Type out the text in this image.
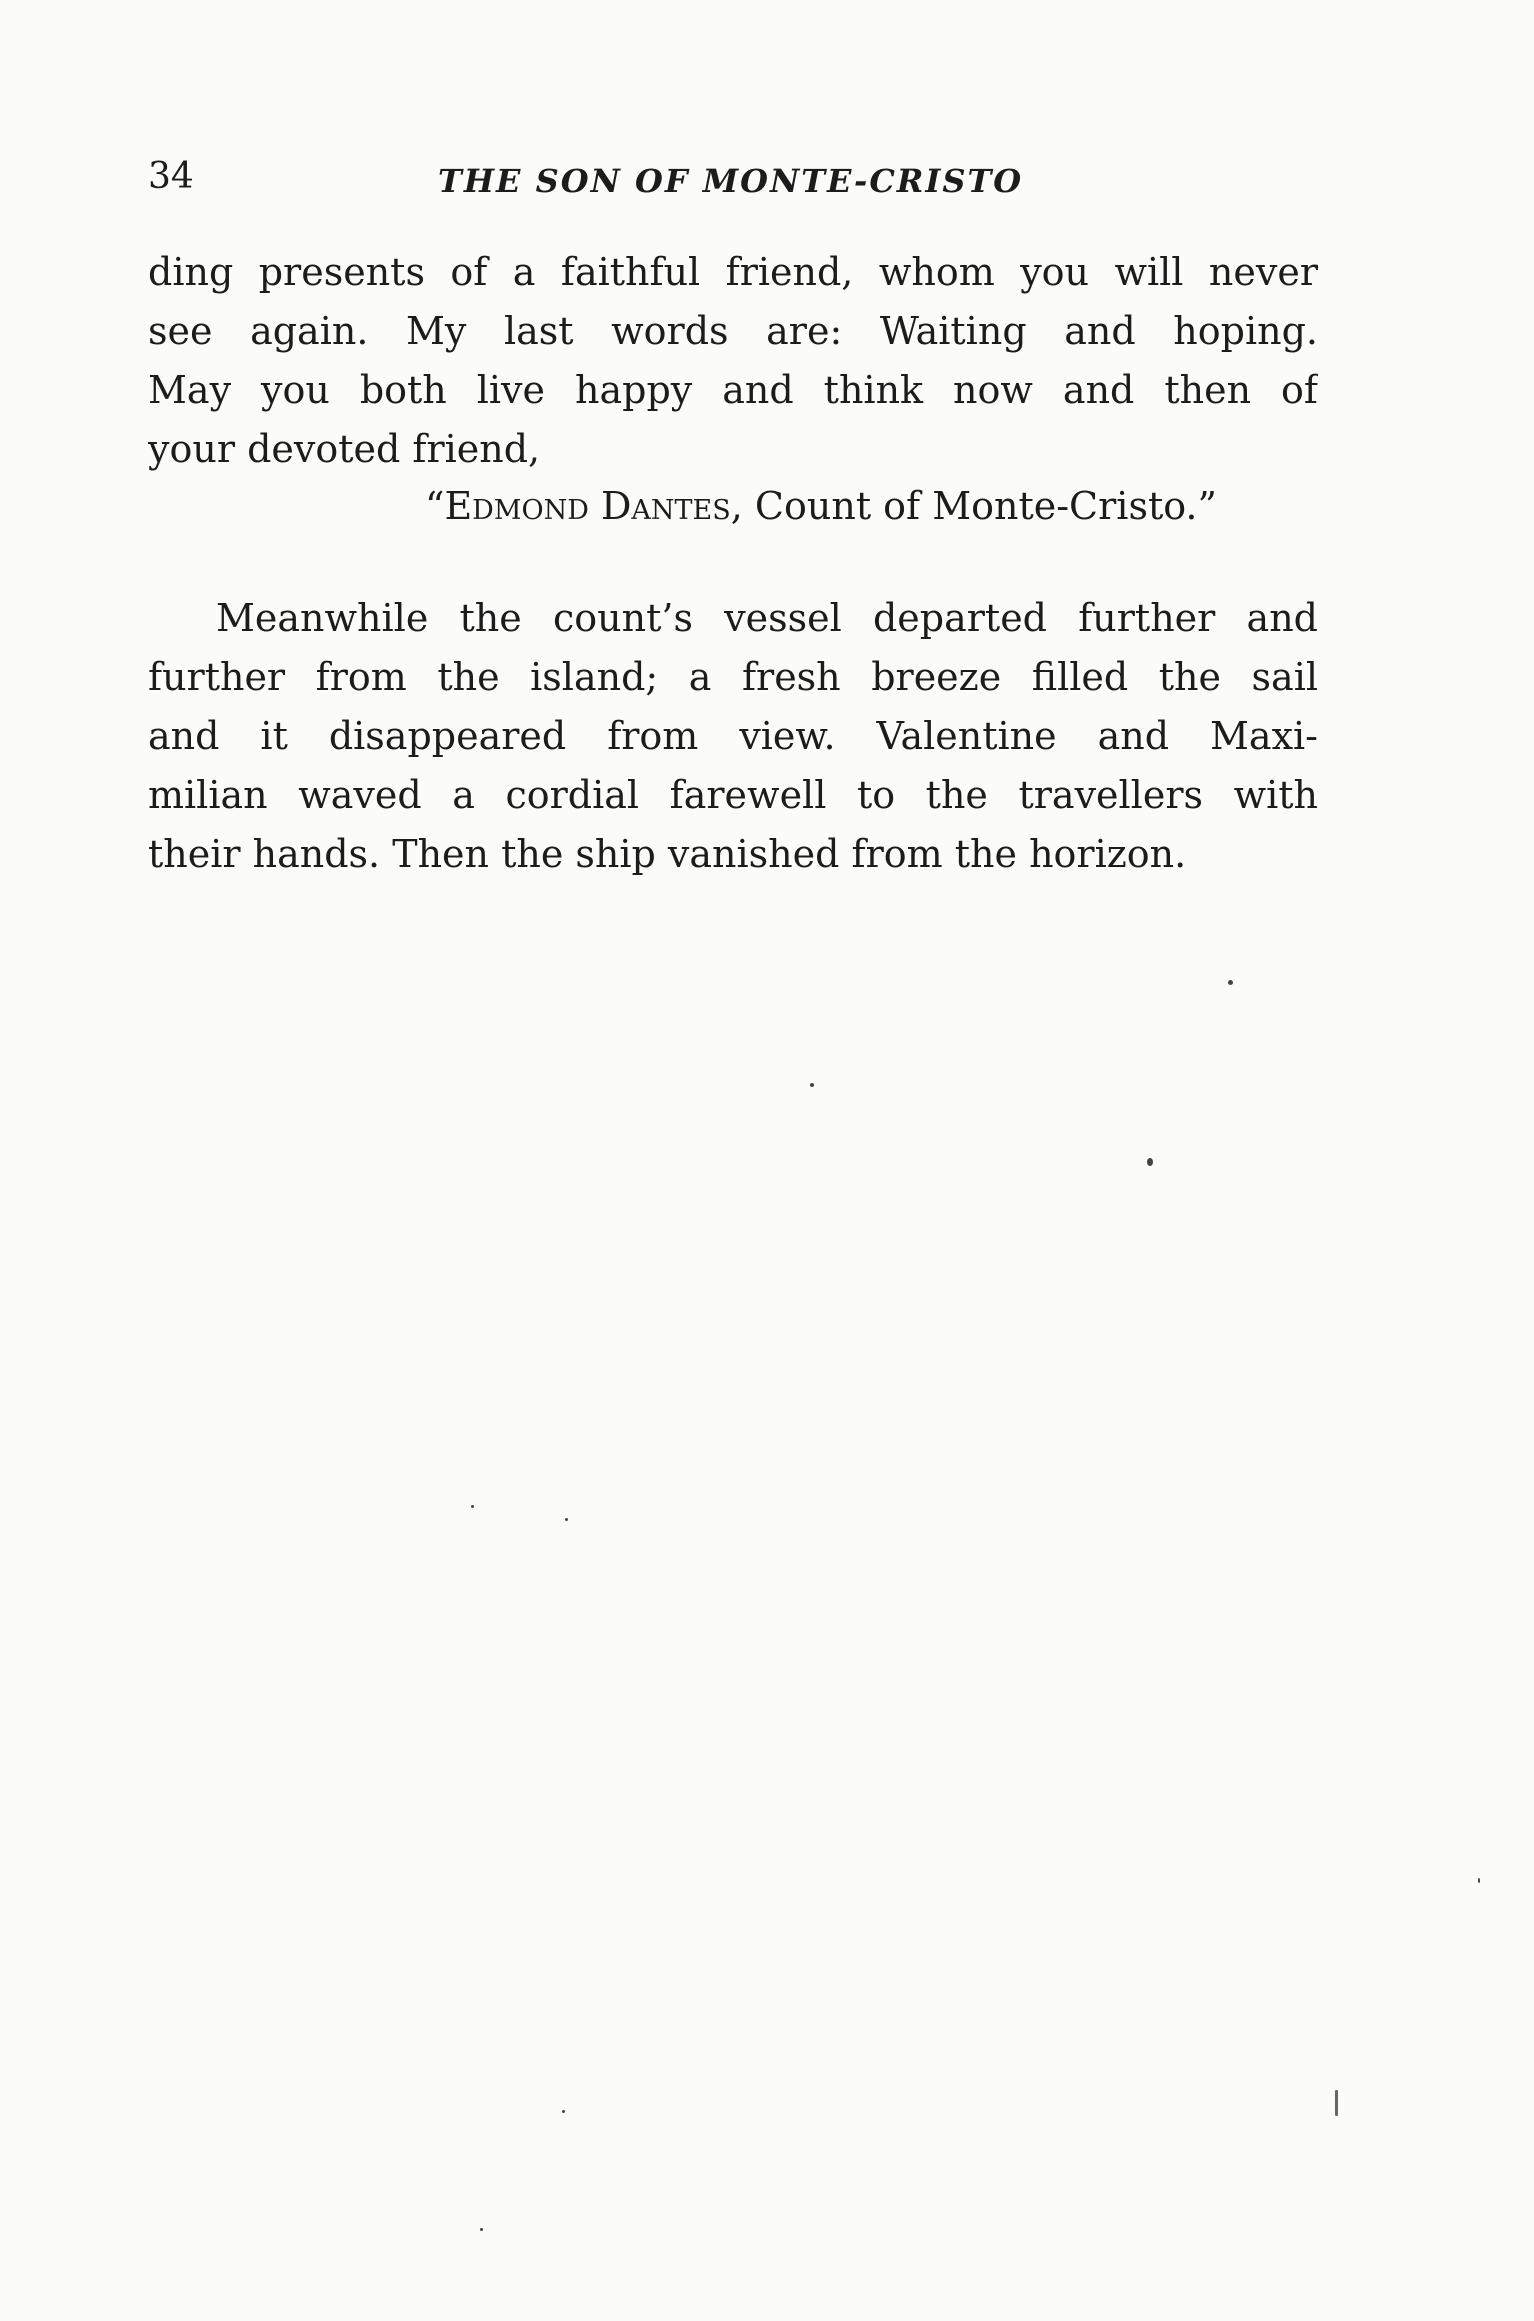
34	THE SON OF MONTE-CRISTO
ding presents of a faithful friend, whom you will never
see again. My last words are: Waiting and hoping.
May you both live happy and think now and then of
your devoted friend,
“Edmond Dantes, Count of Monte-Cristo.”
Meanwhile the count’s vessel departed further and
further from the island; a fresh breeze filled the sail
and it disappeared from view. Valentine and Maxi-
milian waved a cordial farewell to the travellers with
their hands. Then the ship vanished from the horizon.
